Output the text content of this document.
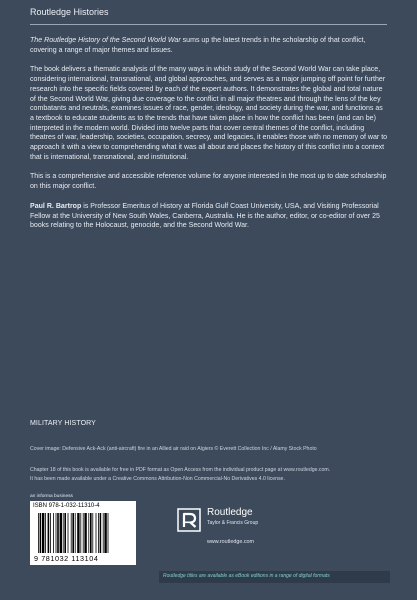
Routledge Histories

The Routledge History of the Second World War sums up the latest trends in the scholarship of that conflict, covering a range of major themes and issues.

The book delivers a thematic analysis of the many ways in which study of the Second World War can take place, considering international, transnational, and global approaches, and serves as a major jumping off point for further research into the specific fields covered by each of the expert authors. It demonstrates the global and total nature of the Second World War, giving due coverage to the conflict in all major theatres and through the lens of the key combatants and neutrals, examines issues of race, gender, ideology, and society during the war, and functions as a textbook to educate students as to the trends that have taken place in how the conflict has been (and can be) interpreted in the modern world. Divided into twelve parts that cover central themes of the conflict, including theatres of war, leadership, societies, occupation, secrecy, and legacies, it enables those with no memory of war to approach it with a view to comprehending what it was all about and places the history of this conflict into a context that is international, transnational, and institutional.

This is a comprehensive and accessible reference volume for anyone interested in the most up to date scholarship on this major conflict.

Paul R. Bartrop is Professor Emeritus of History at Florida Gulf Coast University, USA, and Visiting Professorial Fellow at the University of New South Wales, Canberra, Australia. He is the author, editor, or co-editor of over 25 books relating to the Holocaust, genocide, and the Second World War.

MILITARY HISTORY
Cover image: Defensive Ack-Ack (anti-aircraft) fire in an Allied air raid on Algiers © Everett Collection Inc / Alamy Stock Photo
Chapter 18 of this book is available for free in PDF format as Open Access from the individual product page at www.routledge.com.
It has been made available under a Creative Commons Attribution-Non Commercial-No Derivatives 4.0 license.
an informa business
ISBN 978-1-032-11310-4
9 781032 113104
Routledge
Taylor & Francis Group
www.routledge.com
Routledge titles are available as eBook editions in a range of digital formats
